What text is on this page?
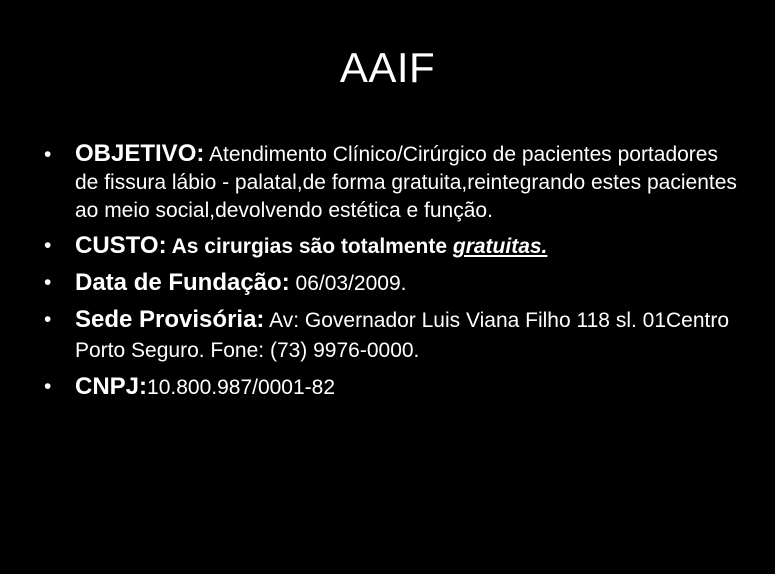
AAIF
• OBJETIVO: Atendimento Clínico/Cirúrgico de pacientes portadores de fissura lábio - palatal,de forma gratuita,reintegrando estes pacientes ao meio social,devolvendo estética e função.
• CUSTO: As cirurgias são totalmente gratuitas.
• Data de Fundação: 06/03/2009.
• Sede Provisória: Av: Governador Luis Viana Filho 118 sl. 01Centro Porto Seguro. Fone: (73) 9976-0000.
• CNPJ:10.800.987/0001-82
